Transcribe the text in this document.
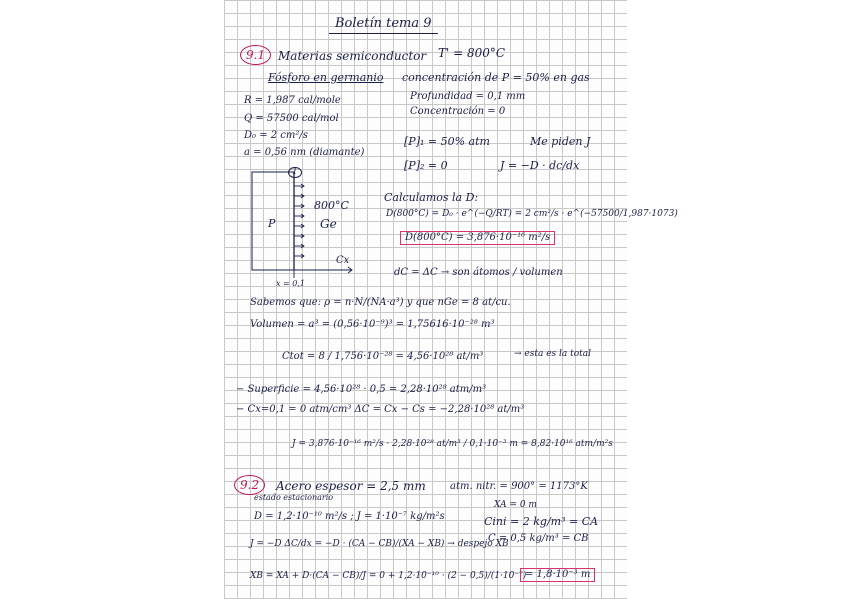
Boletín tema 9
9.1	Materias semiconductor T' = 800°C
Fósforo en germanio concentración de P = 50% en gas
Profundidad = 0,1 mm
Concentración = 0
R = 1,987 cal/mole
Q = 57500 cal/mol
D₀ = 2 cm²/s
a = 0,56 nm (diamante)
[P]₁ = 50% atm	Me piden J
[P]₂ = 0	J = −D · dc/dx
1
P
800°C
Ge
Cx
x = 0,1
Calculamos la D:
D(800°C) = D₀ · e^(−Q/RT) = 2 cm²/s · e^(−57500/1,987·1073)
D(800°C) = 3,876·10⁻¹⁶ m²/s
dC = ΔC → son átomos / volumen
Sabemos que: ρ = n·N/(NA·a³) y que nGe = 8 at/cu.
Volumen = a³ = (0,56·10⁻⁹)³ = 1,75616·10⁻²⁸ m³
Ctot = 8 / 1,756·10⁻²⁸ = 4,56·10²⁸ at/m³	→ esta es la total
− Superficie = 4,56·10²⁸ · 0,5 = 2,28·10²⁸ atm/m³
− Cx=0,1 = 0 atm/cm³ ΔC = Cx − Cs = −2,28·10²⁸ at/m³
J = 3,876·10⁻¹⁶ m²/s · 2,28·10²⁸ at/m³ / 0,1·10⁻³ m = 8,82·10¹⁶ atm/m²s
9.2	Acero espesor = 2,5 mm atm. nitr. = 900° = 1173°K
estado estacionario
D = 1,2·10⁻¹⁰ m²/s ; J = 1·10⁻⁷ kg/m²s
XA = 0 m
Cini = 2 kg/m³ = CA
C = 0,5 kg/m³ = CB
J = −D ΔC/dx = −D · (CA − CB)/(XA − XB) → despejo XB
XB = XA + D·(CA − CB)/J = 0 + 1,2·10⁻¹⁰ · (2 − 0,5)/(1·10⁻⁷)
= 1,8·10⁻³ m
